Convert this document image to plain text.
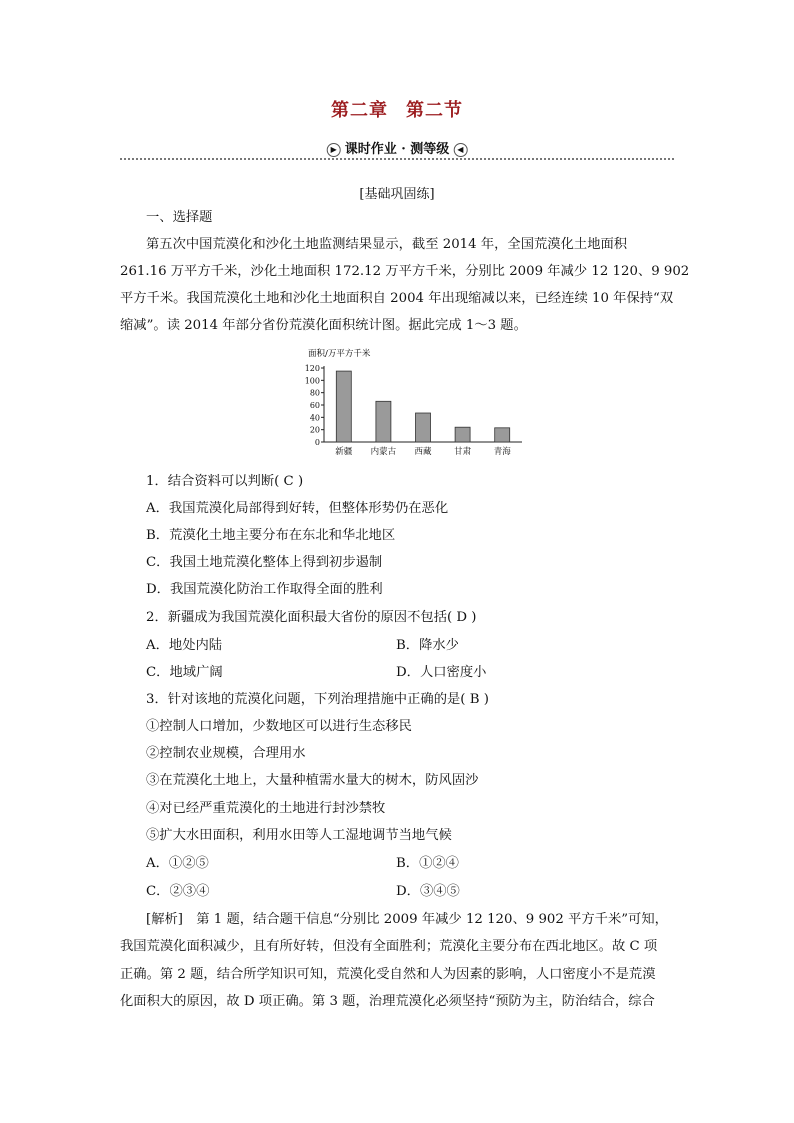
第二章 第二节
▶ 课时作业 · 测等级 ◀
[基础巩固练]
一、选择题
第五次中国荒漠化和沙化土地监测结果显示，截至 2014 年，全国荒漠化土地面积
261.16 万平方千米，沙化土地面积 172.12 万平方千米，分别比 2009 年减少 12 120、9 902
平方千米。我国荒漠化土地和沙化土地面积自 2004 年出现缩减以来，已经连续 10 年保持“双
缩减”。读 2014 年部分省份荒漠化面积统计图。据此完成 1～3 题。
面积/万平方千米
0
20
40
60
80
100
120
新疆 内蒙古 西藏	甘肃	青海
1．结合资料可以判断( C )
A．我国荒漠化局部得到好转，但整体形势仍在恶化
B．荒漠化土地主要分布在东北和华北地区
C．我国土地荒漠化整体上得到初步遏制
D．我国荒漠化防治工作取得全面的胜利
2．新疆成为我国荒漠化面积最大省份的原因不包括( D )
A．地处内陆	B．降水少
C．地域广阔	D．人口密度小
3．针对该地的荒漠化问题，下列治理措施中正确的是( B )
①控制人口增加，少数地区可以进行生态移民
②控制农业规模，合理用水
③在荒漠化土地上，大量种植需水量大的树木，防风固沙
④对已经严重荒漠化的土地进行封沙禁牧
⑤扩大水田面积，利用水田等人工湿地调节当地气候
A．①②⑤	B．①②④
C．②③④	D．③④⑤
[解析]　第 1 题，结合题干信息“分别比 2009 年减少 12 120、9 902 平方千米”可知，
我国荒漠化面积减少，且有所好转，但没有全面胜利；荒漠化主要分布在西北地区。故 C 项
正确。第 2 题，结合所学知识可知，荒漠化受自然和人为因素的影响，人口密度小不是荒漠
化面积大的原因，故 D 项正确。第 3 题，治理荒漠化必须坚持“预防为主，防治结合，综合
